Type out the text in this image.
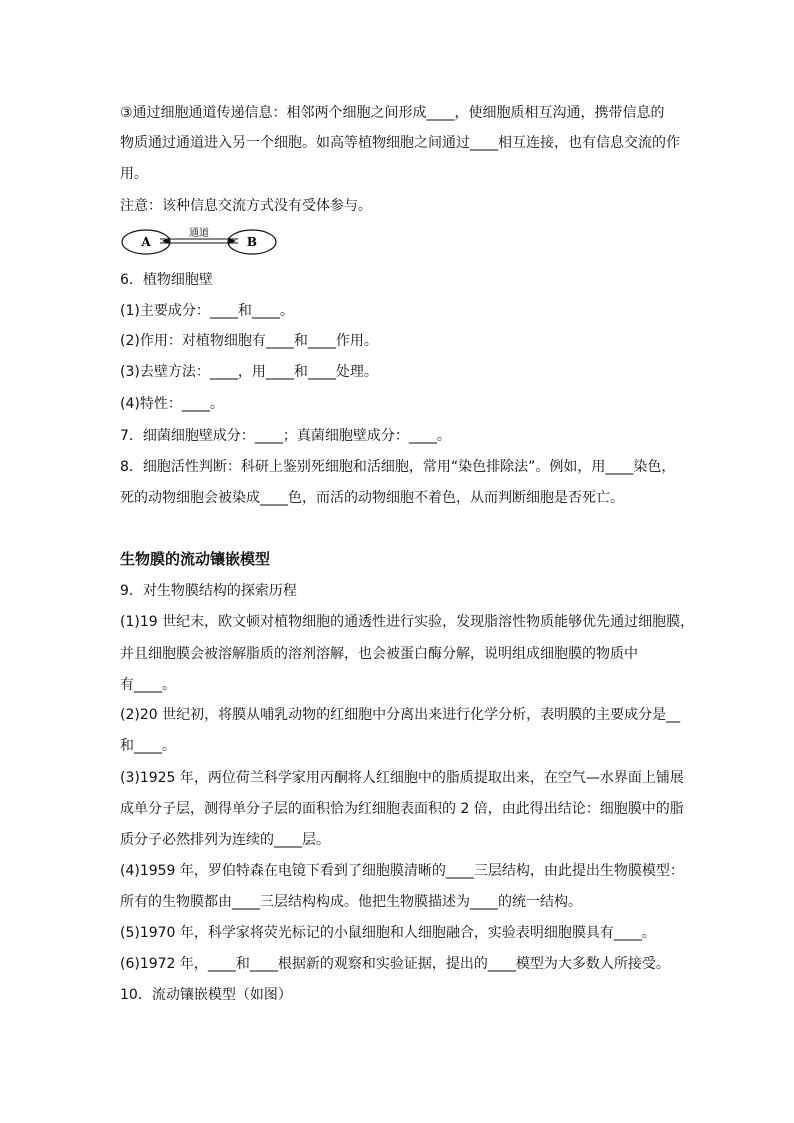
③通过细胞通道传递信息：相邻两个细胞之间形成____，使细胞质相互沟通，携带信息的
物质通过通道进入另一个细胞。如高等植物细胞之间通过____相互连接，也有信息交流的作
用。
注意：该种信息交流方式没有受体参与。
A	B
通道
6．植物细胞壁
(1)主要成分：____和____。
(2)作用：对植物细胞有____和____作用。
(3)去壁方法：____，用____和____处理。
(4)特性：____。
7．细菌细胞壁成分：____；真菌细胞壁成分：____。
8．细胞活性判断：科研上鉴别死细胞和活细胞，常用“染色排除法”。例如，用____染色，
死的动物细胞会被染成____色，而活的动物细胞不着色，从而判断细胞是否死亡。
生物膜的流动镶嵌模型
9．对生物膜结构的探索历程
(1)19 世纪末，欧文顿对植物细胞的通透性进行实验，发现脂溶性物质能够优先通过细胞膜，
并且细胞膜会被溶解脂质的溶剂溶解，也会被蛋白酶分解，说明组成细胞膜的物质中
有____。
(2)20 世纪初，将膜从哺乳动物的红细胞中分离出来进行化学分析，表明膜的主要成分是__
和____。
(3)1925 年，两位荷兰科学家用丙酮将人红细胞中的脂质提取出来，在空气—水界面上铺展
成单分子层，测得单分子层的面积恰为红细胞表面积的 2 倍，由此得出结论：细胞膜中的脂
质分子必然排列为连续的____层。
(4)1959 年，罗伯特森在电镜下看到了细胞膜清晰的____三层结构，由此提出生物膜模型：
所有的生物膜都由____三层结构构成。他把生物膜描述为____的统一结构。
(5)1970 年，科学家将荧光标记的小鼠细胞和人细胞融合，实验表明细胞膜具有____。
(6)1972 年，____和____根据新的观察和实验证据，提出的____模型为大多数人所接受。
10．流动镶嵌模型（如图）
